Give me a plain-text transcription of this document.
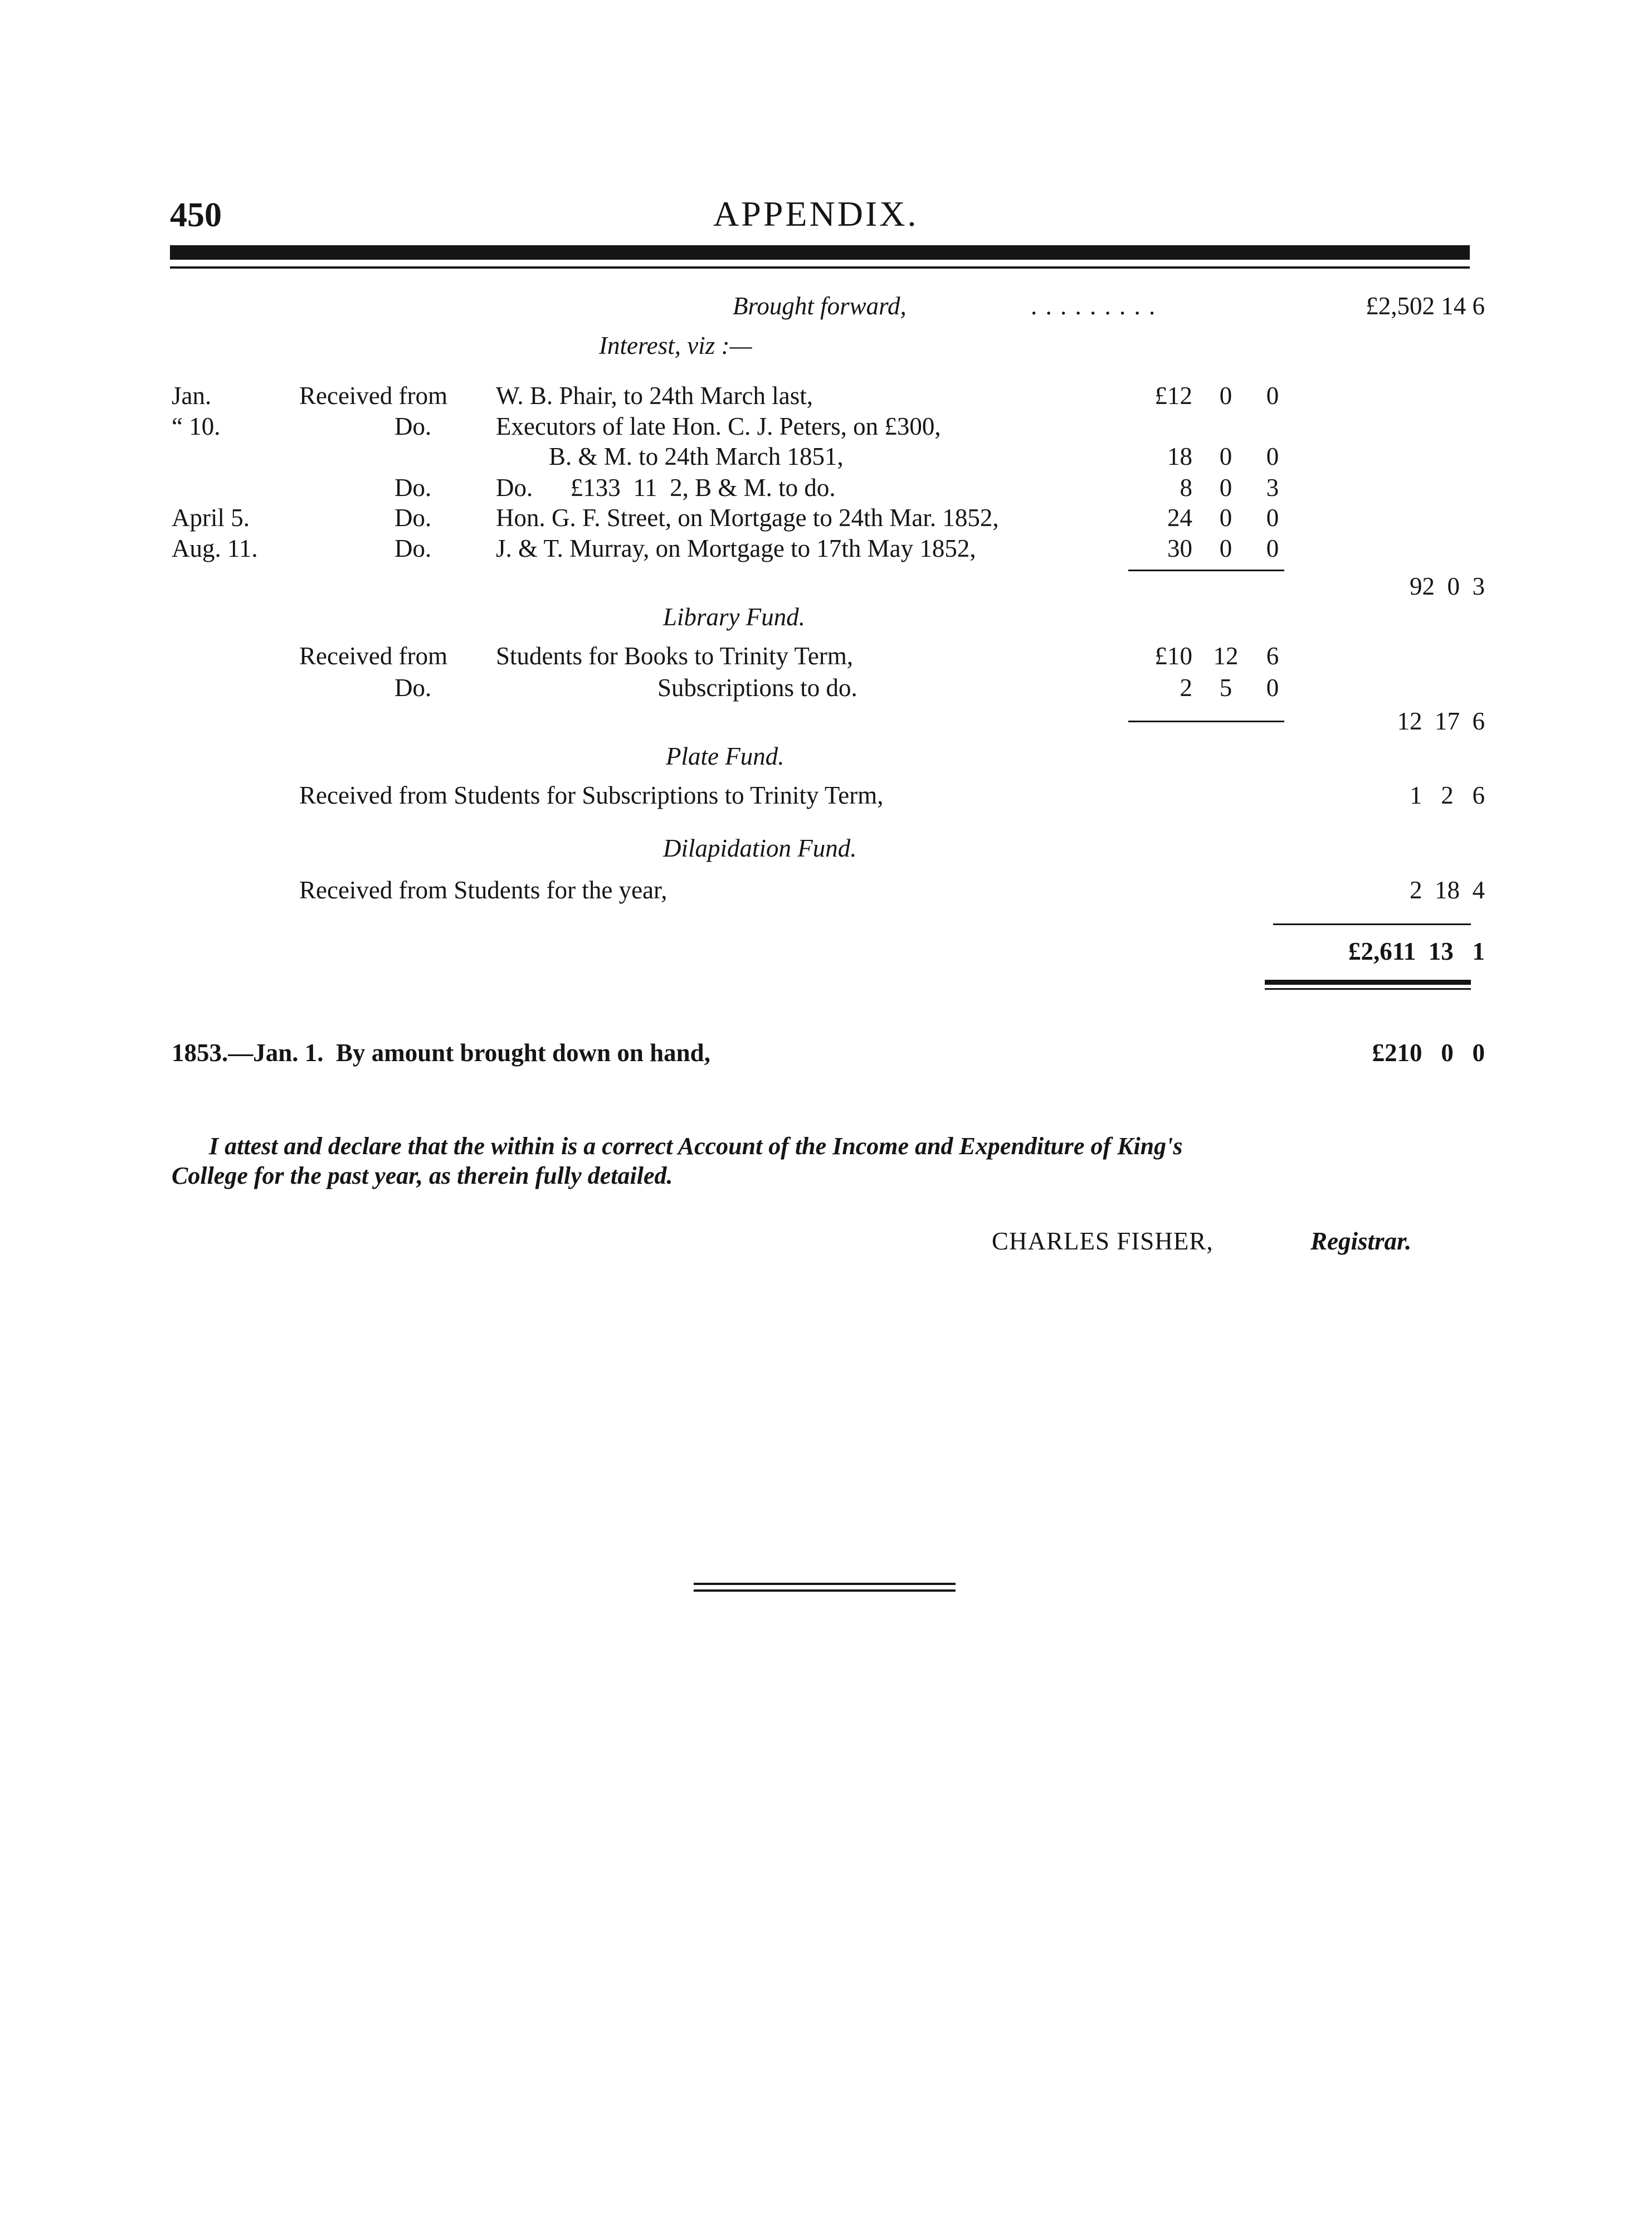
450	APPENDIX.
Brought forward,	. . . . . . . . .	£2,502 14 6
Interest, viz :—
Jan.	Received from W. B. Phair, to 24th March last,	£12 0 0
“ 10.	Do.	Executors of late Hon. C. J. Peters, on £300,
B. & M. to 24th March 1851,	18 0 0
Do.	Do.      £133  11  2, B & M. to do.	8 0 3
April 5.	Do.	Hon. G. F. Street, on Mortgage to 24th Mar. 1852,	24 0 0
Aug. 11.	Do.	J. & T. Murray, on Mortgage to 17th May 1852,	30 0 0
92  0  3
Library Fund.
Received from Students for Books to Trinity Term,	£10 12 6
Do.	Subscriptions to do.	2	5	0
12  17  6
Plate Fund.
Received from Students for Subscriptions to Trinity Term,	1   2   6
Dilapidation Fund.
Received from Students for the year,	2  18  4
£2,611  13   1
1853.—Jan. 1.  By amount brought down on hand,	£210   0   0
I attest and declare that the within is a correct Account of the Income and Expenditure of King's
College for the past year, as therein fully detailed.
CHARLES FISHER,	Registrar.
